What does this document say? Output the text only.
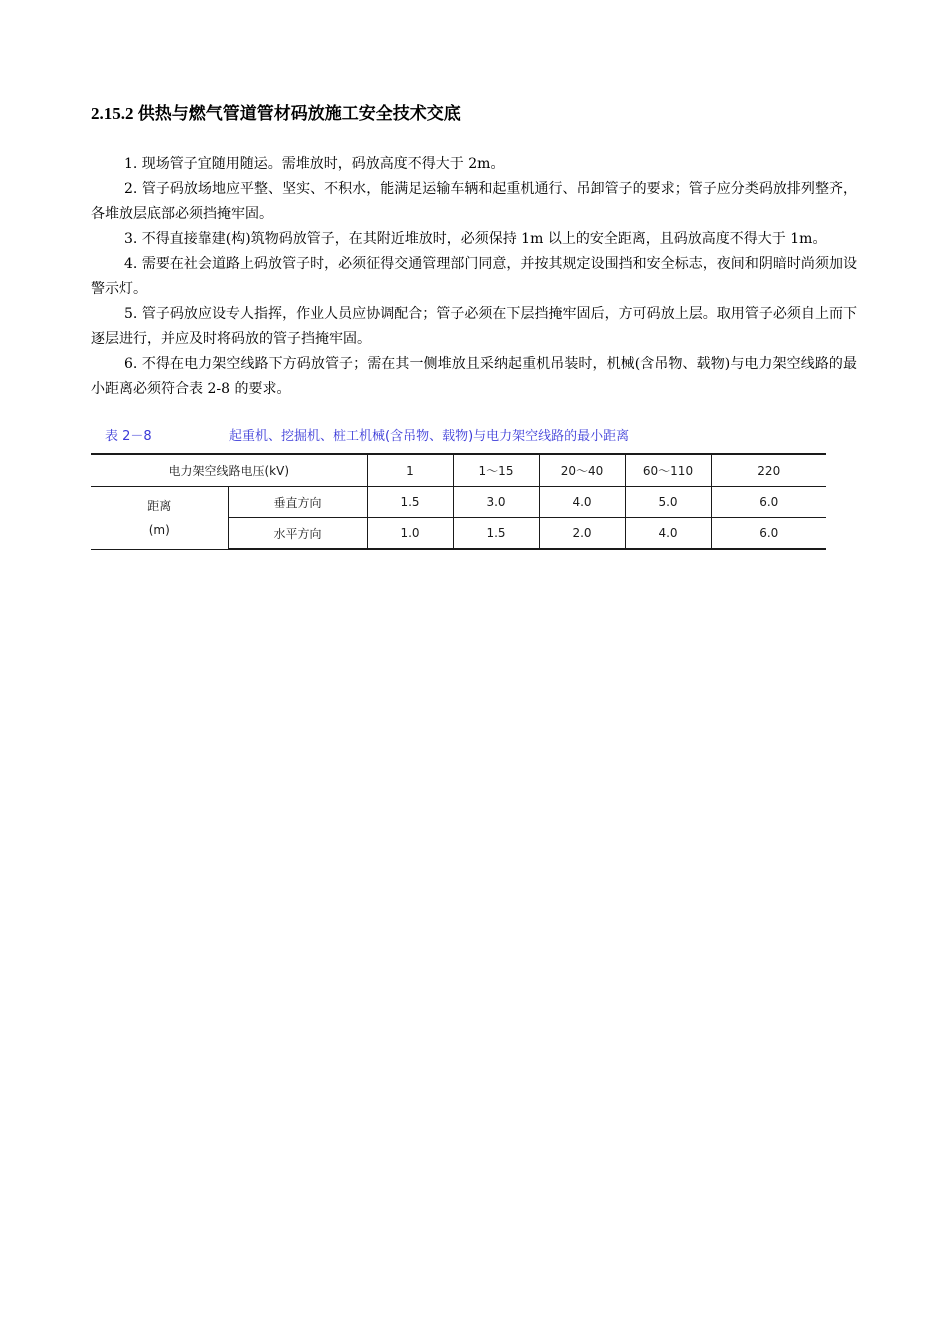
2.15.2 供热与燃气管道管材码放施工安全技术交底

1. 现场管子宜随用随运。需堆放时，码放高度不得大于 2m。

2. 管子码放场地应平整、坚实、不积水，能满足运输车辆和起重机通行、吊卸管子的要求；管子应分类码放排列整齐，各堆放层底部必须挡掩牢固。

3. 不得直接靠建(构)筑物码放管子，在其附近堆放时，必须保持 1m 以上的安全距离，且码放高度不得大于 1m。

4. 需要在社会道路上码放管子时，必须征得交通管理部门同意，并按其规定设围挡和安全标志，夜间和阴暗时尚须加设警示灯。

5. 管子码放应设专人指挥，作业人员应协调配合；管子必须在下层挡掩牢固后，方可码放上层。取用管子必须自上而下逐层进行，并应及时将码放的管子挡掩牢固。

6. 不得在电力架空线路下方码放管子；需在其一侧堆放且采纳起重机吊装时，机械(含吊物、载物)与电力架空线路的最小距离必须符合表 2-8 的要求。

表 2－8	起重机、挖掘机、桩工机械(含吊物、载物)与电力架空线路的最小距离
电力架空线路电压(kV)		1	1～15	20～40	60～110	220

距离
(m)	垂直方向	1.5	3.0	4.0	5.0	6.0
	水平方向	1.0	1.5	2.0	4.0	6.0
